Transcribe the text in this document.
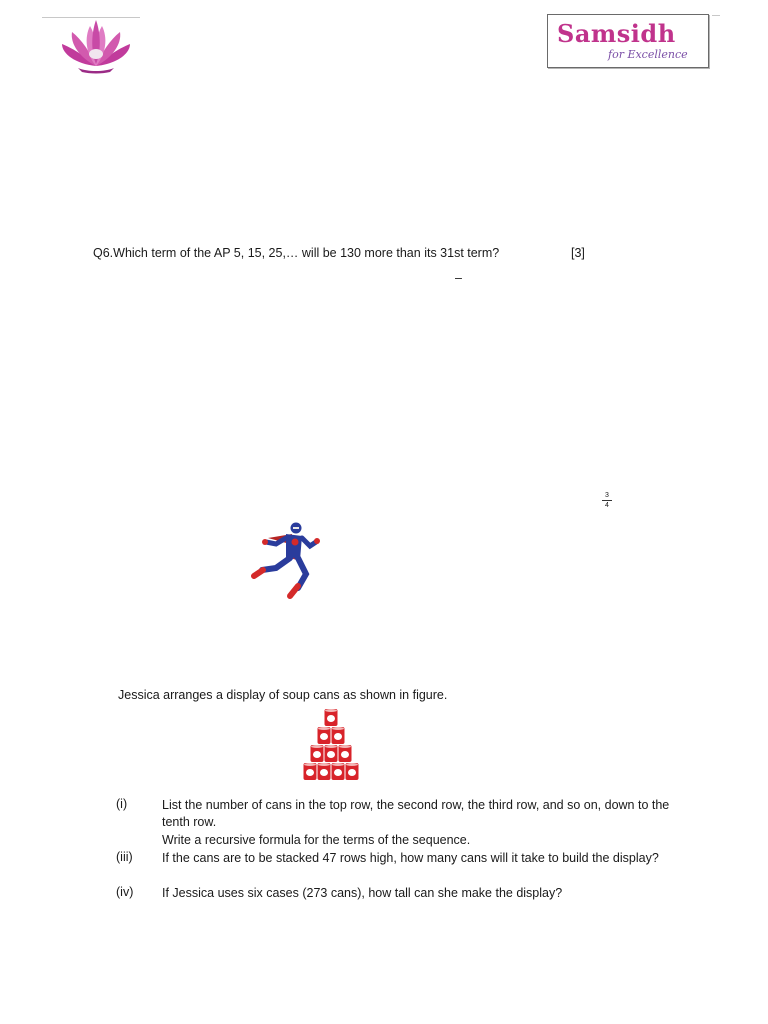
Samsidh
for Excellence
Q6.Which term of the AP 5, 15, 25,… will be 130 more than its 31st term?	[3]
–
$\frac{3}{4}$
Jessica arranges a display of soup cans as shown in figure.
(i)	List the number of cans in the top row, the second row, the third row, and so on, down to the tenth row.
Write a recursive formula for the terms of the sequence.
(iii) If the cans are to be stacked 47 rows high, how many cans will it take to build the display?
(iv) If Jessica uses six cases (273 cans), how tall can she make the display?
